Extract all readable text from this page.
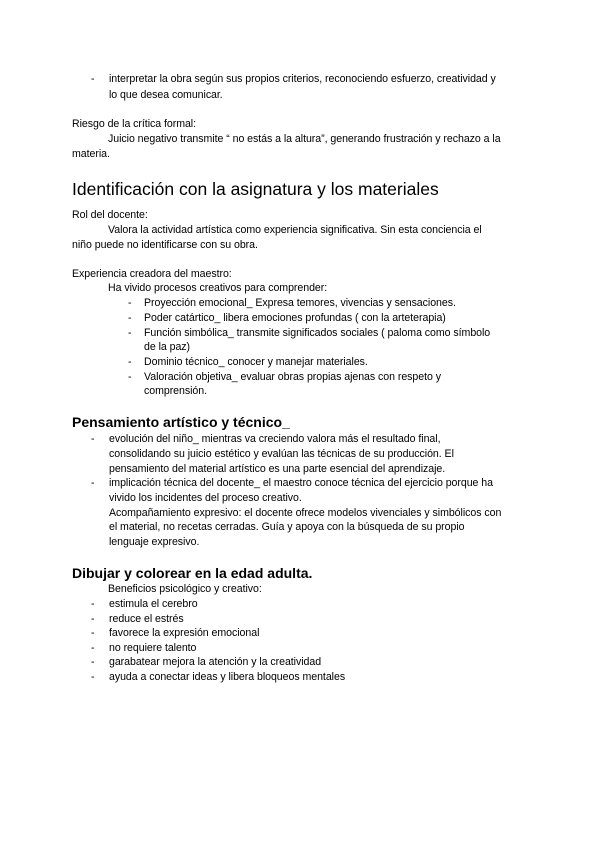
- interpretar la obra según sus propios criterios, reconociendo esfuerzo, creatividad y
lo que desea comunicar.
Riesgo de la crítica formal:
Juicio negativo transmite “ no estás a la altura”, generando frustración y rechazo a la
materia.
Identificación con la asignatura y los materiales
Rol del docente:
Valora la actividad artística como experiencia significativa. Sin esta conciencia el
niño puede no identificarse con su obra.
Experiencia creadora del maestro:
Ha vivido procesos creativos para comprender:
- Proyección emocional_ Expresa temores, vivencias y sensaciones.
- Poder catártico_ libera emociones profundas ( con la arteterapia)
- Función simbólica_ transmite significados sociales ( paloma como símbolo
de la paz)
- Dominio técnico_ conocer y manejar materiales.
- Valoración objetiva_ evaluar obras propias ajenas con respeto y
comprensión.
Pensamiento artístico y técnico_
- evolución del niño_ mientras va creciendo valora más el resultado final,
consolidando su juicio estético y evalúan las técnicas de su producción. El
pensamiento del material artístico es una parte esencial del aprendizaje.
- implicación técnica del docente_ el maestro conoce técnica del ejercicio porque ha
vivido los incidentes del proceso creativo.
Acompañamiento expresivo: el docente ofrece modelos vivenciales y simbólicos con
el material, no recetas cerradas. Guía y apoya con la búsqueda de su propio
lenguaje expresivo.
Dibujar y colorear en la edad adulta.
Beneficios psicológico y creativo:
- estimula el cerebro
- reduce el estrés
- favorece la expresión emocional
- no requiere talento
- garabatear mejora la atención y la creatividad
- ayuda a conectar ideas y libera bloqueos mentales
